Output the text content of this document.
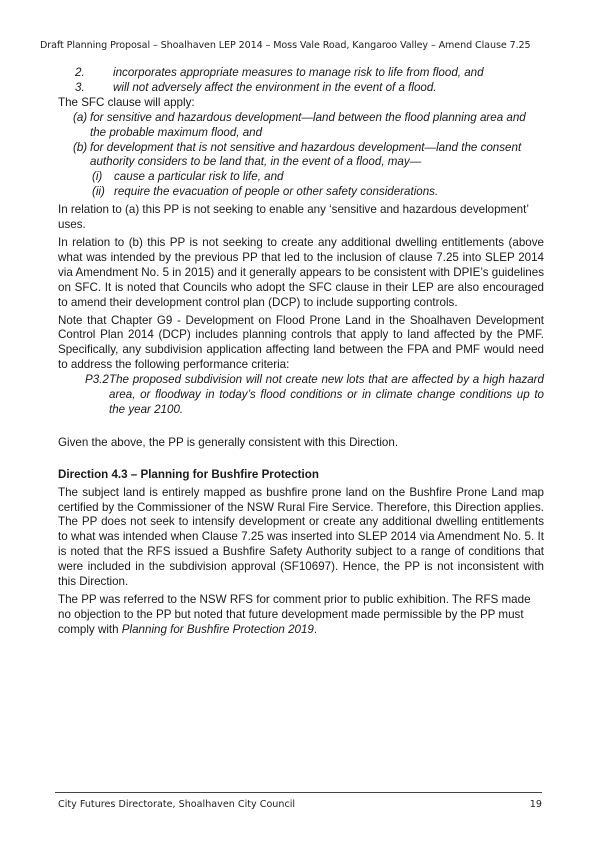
Draft Planning Proposal – Shoalhaven LEP 2014 – Moss Vale Road, Kangaroo Valley – Amend Clause 7.25
2.	incorporates appropriate measures to manage risk to life from flood, and
3.	will not adversely affect the environment in the event of a flood.
The SFC clause will apply:
(a) for sensitive and hazardous development—land between the flood planning area and the probable maximum flood, and
(b) for development that is not sensitive and hazardous development—land the consent authority considers to be land that, in the event of a flood, may—
(i)	cause a particular risk to life, and
(ii) require the evacuation of people or other safety considerations.
In relation to (a) this PP is not seeking to enable any ‘sensitive and hazardous development’ uses.
In relation to (b) this PP is not seeking to create any additional dwelling entitlements (above what was intended by the previous PP that led to the inclusion of clause 7.25 into SLEP 2014 via Amendment No. 5 in 2015) and it generally appears to be consistent with DPIE’s guidelines on SFC. It is noted that Councils who adopt the SFC clause in their LEP are also encouraged to amend their development control plan (DCP) to include supporting controls.
Note that Chapter G9 - Development on Flood Prone Land in the Shoalhaven Development Control Plan 2014 (DCP) includes planning controls that apply to land affected by the PMF. Specifically, any subdivision application affecting land between the FPA and PMF would need to address the following performance criteria:
P3.2 The proposed subdivision will not create new lots that are affected by a high hazard area, or floodway in today’s flood conditions or in climate change conditions up to the year 2100.
Given the above, the PP is generally consistent with this Direction.
Direction 4.3 – Planning for Bushfire Protection
The subject land is entirely mapped as bushfire prone land on the Bushfire Prone Land map certified by the Commissioner of the NSW Rural Fire Service. Therefore, this Direction applies. The PP does not seek to intensify development or create any additional dwelling entitlements to what was intended when Clause 7.25 was inserted into SLEP 2014 via Amendment No. 5. It is noted that the RFS issued a Bushfire Safety Authority subject to a range of conditions that were included in the subdivision approval (SF10697). Hence, the PP is not inconsistent with this Direction.
The PP was referred to the NSW RFS for comment prior to public exhibition. The RFS made no objection to the PP but noted that future development made permissible by the PP must comply with Planning for Bushfire Protection 2019.
City Futures Directorate, Shoalhaven City Council	19
